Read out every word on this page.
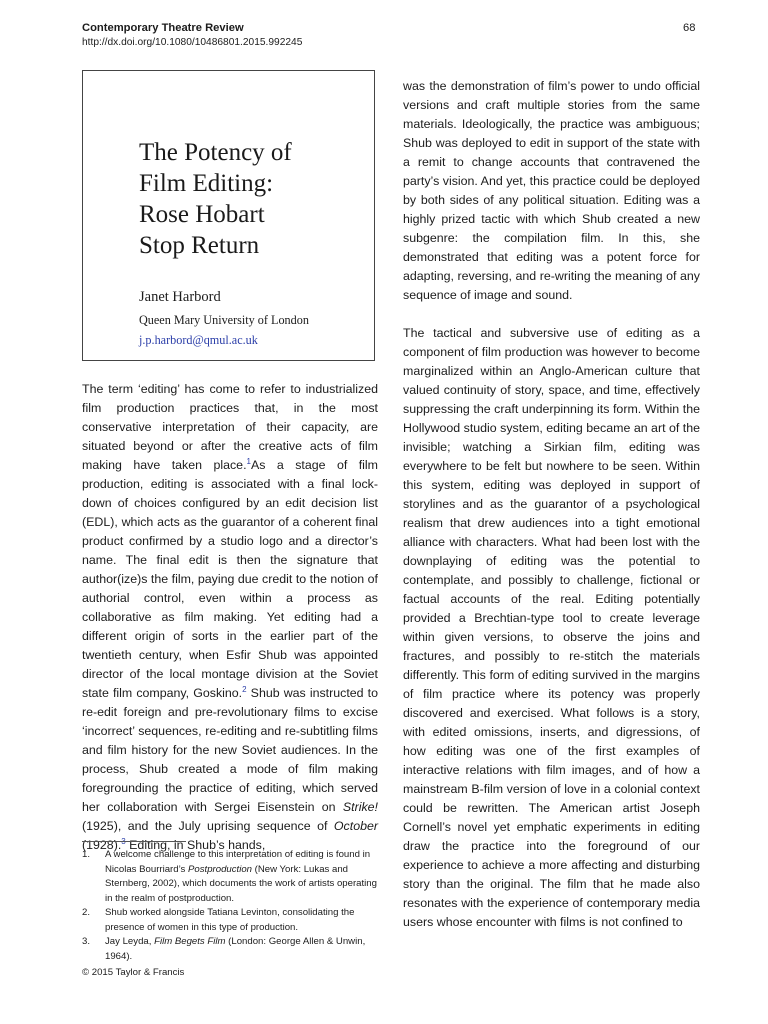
Contemporary Theatre Review
http://dx.doi.org/10.1080/10486801.2015.992245
68
The Potency of
Film Editing:
Rose Hobart
Stop Return
Janet Harbord
Queen Mary University of London
j.p.harbord@qmul.ac.uk

The term ‘editing’ has come to refer to industrialized film production practices that, in the most conservative interpretation of their capacity, are situated beyond or after the creative acts of film making have taken place.$^1$As a stage of film production, editing is associated with a final lock-down of choices configured by an edit decision list (EDL), which acts as the guarantor of a coherent final product confirmed by a studio logo and a director’s name. The final edit is then the signature that author(ize)s the film, paying due credit to the notion of authorial control, even within a process as collaborative as film making. Yet editing had a different origin of sorts in the earlier part of the twentieth century, when Esfir Shub was appointed director of the local montage division at the Soviet state film company, Goskino.$^2$ Shub was instructed to re-edit foreign and pre-revolutionary films to excise ‘incorrect’ sequences, re-editing and re-subtitling films and film history for the new Soviet audiences. In the process, Shub created a mode of film making foregrounding the practice of editing, which served her collaboration with Sergei Eisenstein on Strike! (1925), and the July uprising sequence of October (1928).$^3$ Editing, in Shub’s hands,

was the demonstration of film’s power to undo official versions and craft multiple stories from the same materials. Ideologically, the practice was ambiguous; Shub was deployed to edit in support of the state with a remit to change accounts that contravened the party’s vision. And yet, this practice could be deployed by both sides of any political situation. Editing was a highly prized tactic with which Shub created a new subgenre: the compilation film. In this, she demonstrated that editing was a potent force for adapting, reversing, and re-writing the meaning of any sequence of image and sound.

The tactical and subversive use of editing as a component of film production was however to become marginalized within an Anglo-American culture that valued continuity of story, space, and time, effectively suppressing the craft underpinning its form. Within the Hollywood studio system, editing became an art of the invisible; watching a Sirkian film, editing was everywhere to be felt but nowhere to be seen. Within this system, editing was deployed in support of storylines and as the guarantor of a psychological realism that drew audiences into a tight emotional alliance with characters. What had been lost with the downplaying of editing was the potential to contemplate, and possibly to challenge, fictional or factual accounts of the real. Editing potentially provided a Brechtian-type tool to create leverage within given versions, to observe the joins and fractures, and possibly to re-stitch the materials differently. This form of editing survived in the margins of film practice where its potency was properly discovered and exercised. What follows is a story, with edited omissions, inserts, and digressions, of how editing was one of the first examples of interactive relations with film images, and of how a mainstream B-film version of love in a colonial context could be rewritten. The American artist Joseph Cornell’s novel yet emphatic experiments in editing draw the practice into the foreground of our experience to achieve a more affecting and disturbing story than the original. The film that he made also resonates with the experience of contemporary media users whose encounter with films is not confined to

1. A welcome challenge to this interpretation of editing is found in Nicolas Bourriard’s Postproduction (New York: Lukas and Sternberg, 2002), which documents the work of artists operating in the realm of postproduction.
2. Shub worked alongside Tatiana Levinton, consolidating the presence of women in this type of production.
3. Jay Leyda, Film Begets Film (London: George Allen & Unwin, 1964).
© 2015 Taylor & Francis
